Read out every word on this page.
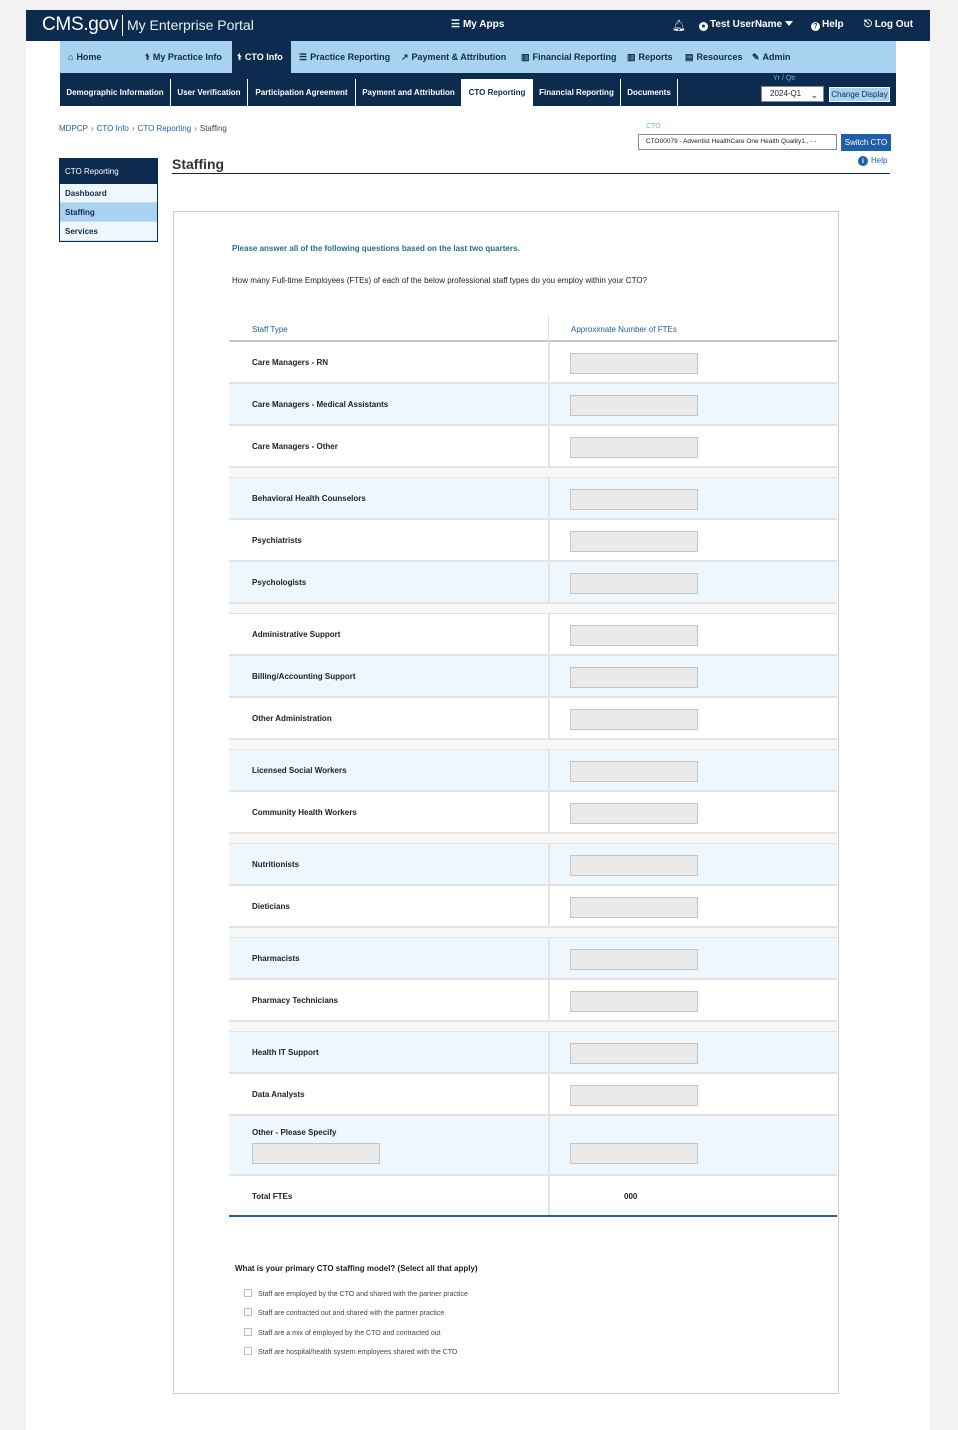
CMS.gov My Enterprise Portal	☰ My Apps	🔔︎	● Test UserName	? Help ⎋ Log Out
⌂ Home	⚕ My Practice Info	⚕ CTO Info	☰ Practice Reporting ↗ Payment & Attribution ▥ Financial Reporting ▥ Reports ▤ Resources ✎ Admin
Demographic Information	User Verification	Participation Agreement	Payment and Attribution	CTO Reporting	Financial Reporting	Documents
Yr / Qtr
2024-Q1 ⌄ Change Display
MDPCP › CTO Info › CTO Reporting › Staffing	CTO
CTO00079 - Adventist HealthCare One Health Quality1., - -	Switch CTO
i Help
CTO Reporting
Dashboard
Staffing
Services
Staffing
Please answer all of the following questions based on the last two quarters.
How many Full-time Employees (FTEs) of each of the below professional staff types do you employ within your CTO?
Staff Type	Approximate Number of FTEs
Care Managers - RN
Care Managers - Medical Assistants
Care Managers - Other
Behavioral Health Counselors
Psychiatrists
Psychologists
Administrative Support
Billing/Accounting Support
Other Administration
Licensed Social Workers
Community Health Workers
Nutritionists
Dieticians
Pharmacists
Pharmacy Technicians
Health IT Support
Data Analysts
Other - Please Specify
Total FTEs	000
What is your primary CTO staffing model? (Select all that apply)
Staff are employed by the CTO and shared with the partner practice
Staff are contracted out and shared with the partner practice
Staff are a mix of employed by the CTO and contracted out
Staff are hospital/health system employees shared with the CTO
